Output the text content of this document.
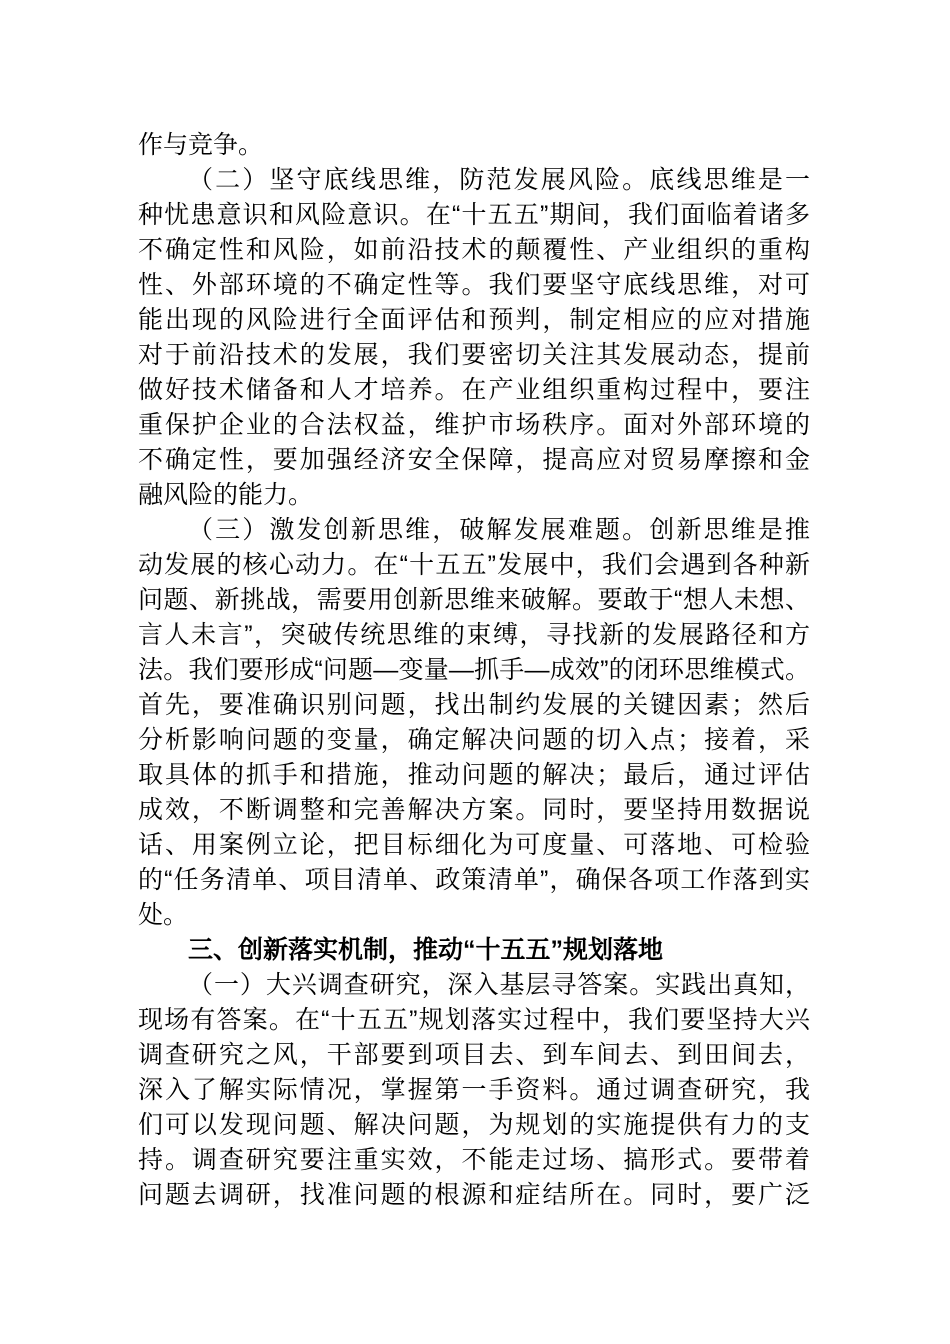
作与竞争。
（二）坚守底线思维，防范发展风险。底线思维是一
种忧患意识和风险意识。在“十五五”期间，我们面临着诸多
不确定性和风险，如前沿技术的颠覆性、产业组织的重构
性、外部环境的不确定性等。我们要坚守底线思维，对可
能出现的风险进行全面评估和预判，制定相应的应对措施
对于前沿技术的发展，我们要密切关注其发展动态，提前
做好技术储备和人才培养。在产业组织重构过程中，要注
重保护企业的合法权益，维护市场秩序。面对外部环境的
不确定性，要加强经济安全保障，提高应对贸易摩擦和金
融风险的能力。
（三）激发创新思维，破解发展难题。创新思维是推
动发展的核心动力。在“十五五”发展中，我们会遇到各种新
问题、新挑战，需要用创新思维来破解。要敢于“想人未想、
言人未言”，突破传统思维的束缚，寻找新的发展路径和方
法。我们要形成“问题—变量—抓手—成效”的闭环思维模式。
首先，要准确识别问题，找出制约发展的关键因素；然后
分析影响问题的变量，确定解决问题的切入点；接着，采
取具体的抓手和措施，推动问题的解决；最后，通过评估
成效，不断调整和完善解决方案。同时，要坚持用数据说
话、用案例立论，把目标细化为可度量、可落地、可检验
的“任务清单、项目清单、政策清单”，确保各项工作落到实
处。
三、创新落实机制，推动“十五五”规划落地
（一）大兴调查研究，深入基层寻答案。实践出真知，
现场有答案。在“十五五”规划落实过程中，我们要坚持大兴
调查研究之风，干部要到项目去、到车间去、到田间去，
深入了解实际情况，掌握第一手资料。通过调查研究，我
们可以发现问题、解决问题，为规划的实施提供有力的支
持。调查研究要注重实效，不能走过场、搞形式。要带着
问题去调研，找准问题的根源和症结所在。同时，要广泛
